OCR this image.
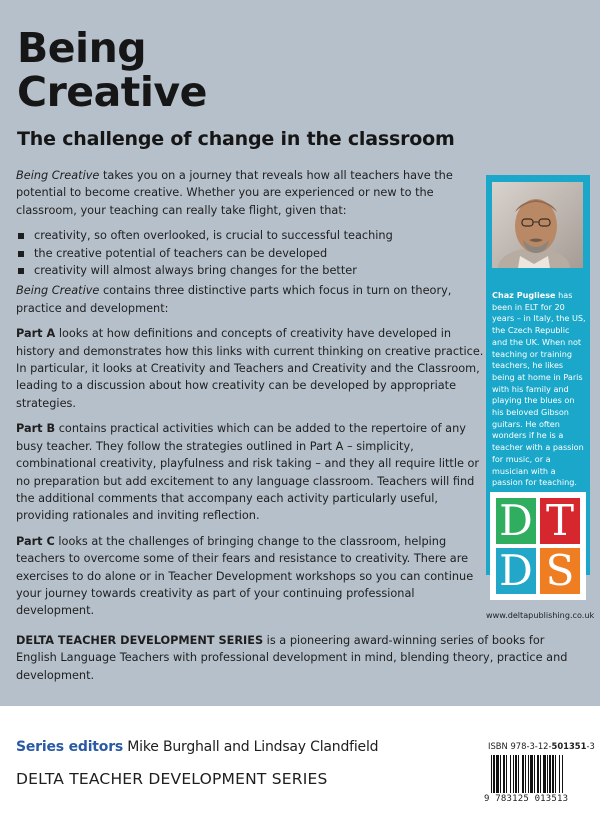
Being
Creative
The challenge of change in the classroom

Being Creative takes you on a journey that reveals how all teachers have the potential to become creative. Whether you are experienced or new to the classroom, your teaching can really take flight, given that:

creativity, so often overlooked, is crucial to successful teaching
the creative potential of teachers can be developed
creativity will almost always bring changes for the better

Being Creative contains three distinctive parts which focus in turn on theory, practice and development:

Part A looks at how definitions and concepts of creativity have developed in history and demonstrates how this links with current thinking on creative practice. In particular, it looks at Creativity and Teachers and Creativity and the Classroom, leading to a discussion about how creativity can be developed by appropriate strategies.

Part B contains practical activities which can be added to the repertoire of any busy teacher. They follow the strategies outlined in Part A – simplicity, combinational creativity, playfulness and risk taking – and they all require little or no preparation but add excitement to any language classroom. Teachers will find the additional comments that accompany each activity particularly useful, providing rationales and inviting reflection.

Part C looks at the challenges of bringing change to the classroom, helping teachers to overcome some of their fears and resistance to creativity. There are exercises to do alone or in Teacher Development workshops so you can continue your journey towards creativity as part of your continuing professional development.

DELTA TEACHER DEVELOPMENT SERIES is a pioneering award-winning series of books for English Language Teachers with professional development in mind, blending theory, practice and development.

Chaz Pugliese has been in ELT for 20 years – in Italy, the US, the Czech Republic and the UK. When not teaching or training teachers, he likes being at home in Paris with his family and playing the blues on his beloved Gibson guitars. He often wonders if he is a teacher with a passion for music, or a musician with a passion for teaching.

D T
D S
www.deltapublishing.co.uk
Series editors Mike Burghall and Lindsay Clandfield
DELTA TEACHER DEVELOPMENT SERIES
ISBN 978-3-12-501351-3
9 783125 013513
